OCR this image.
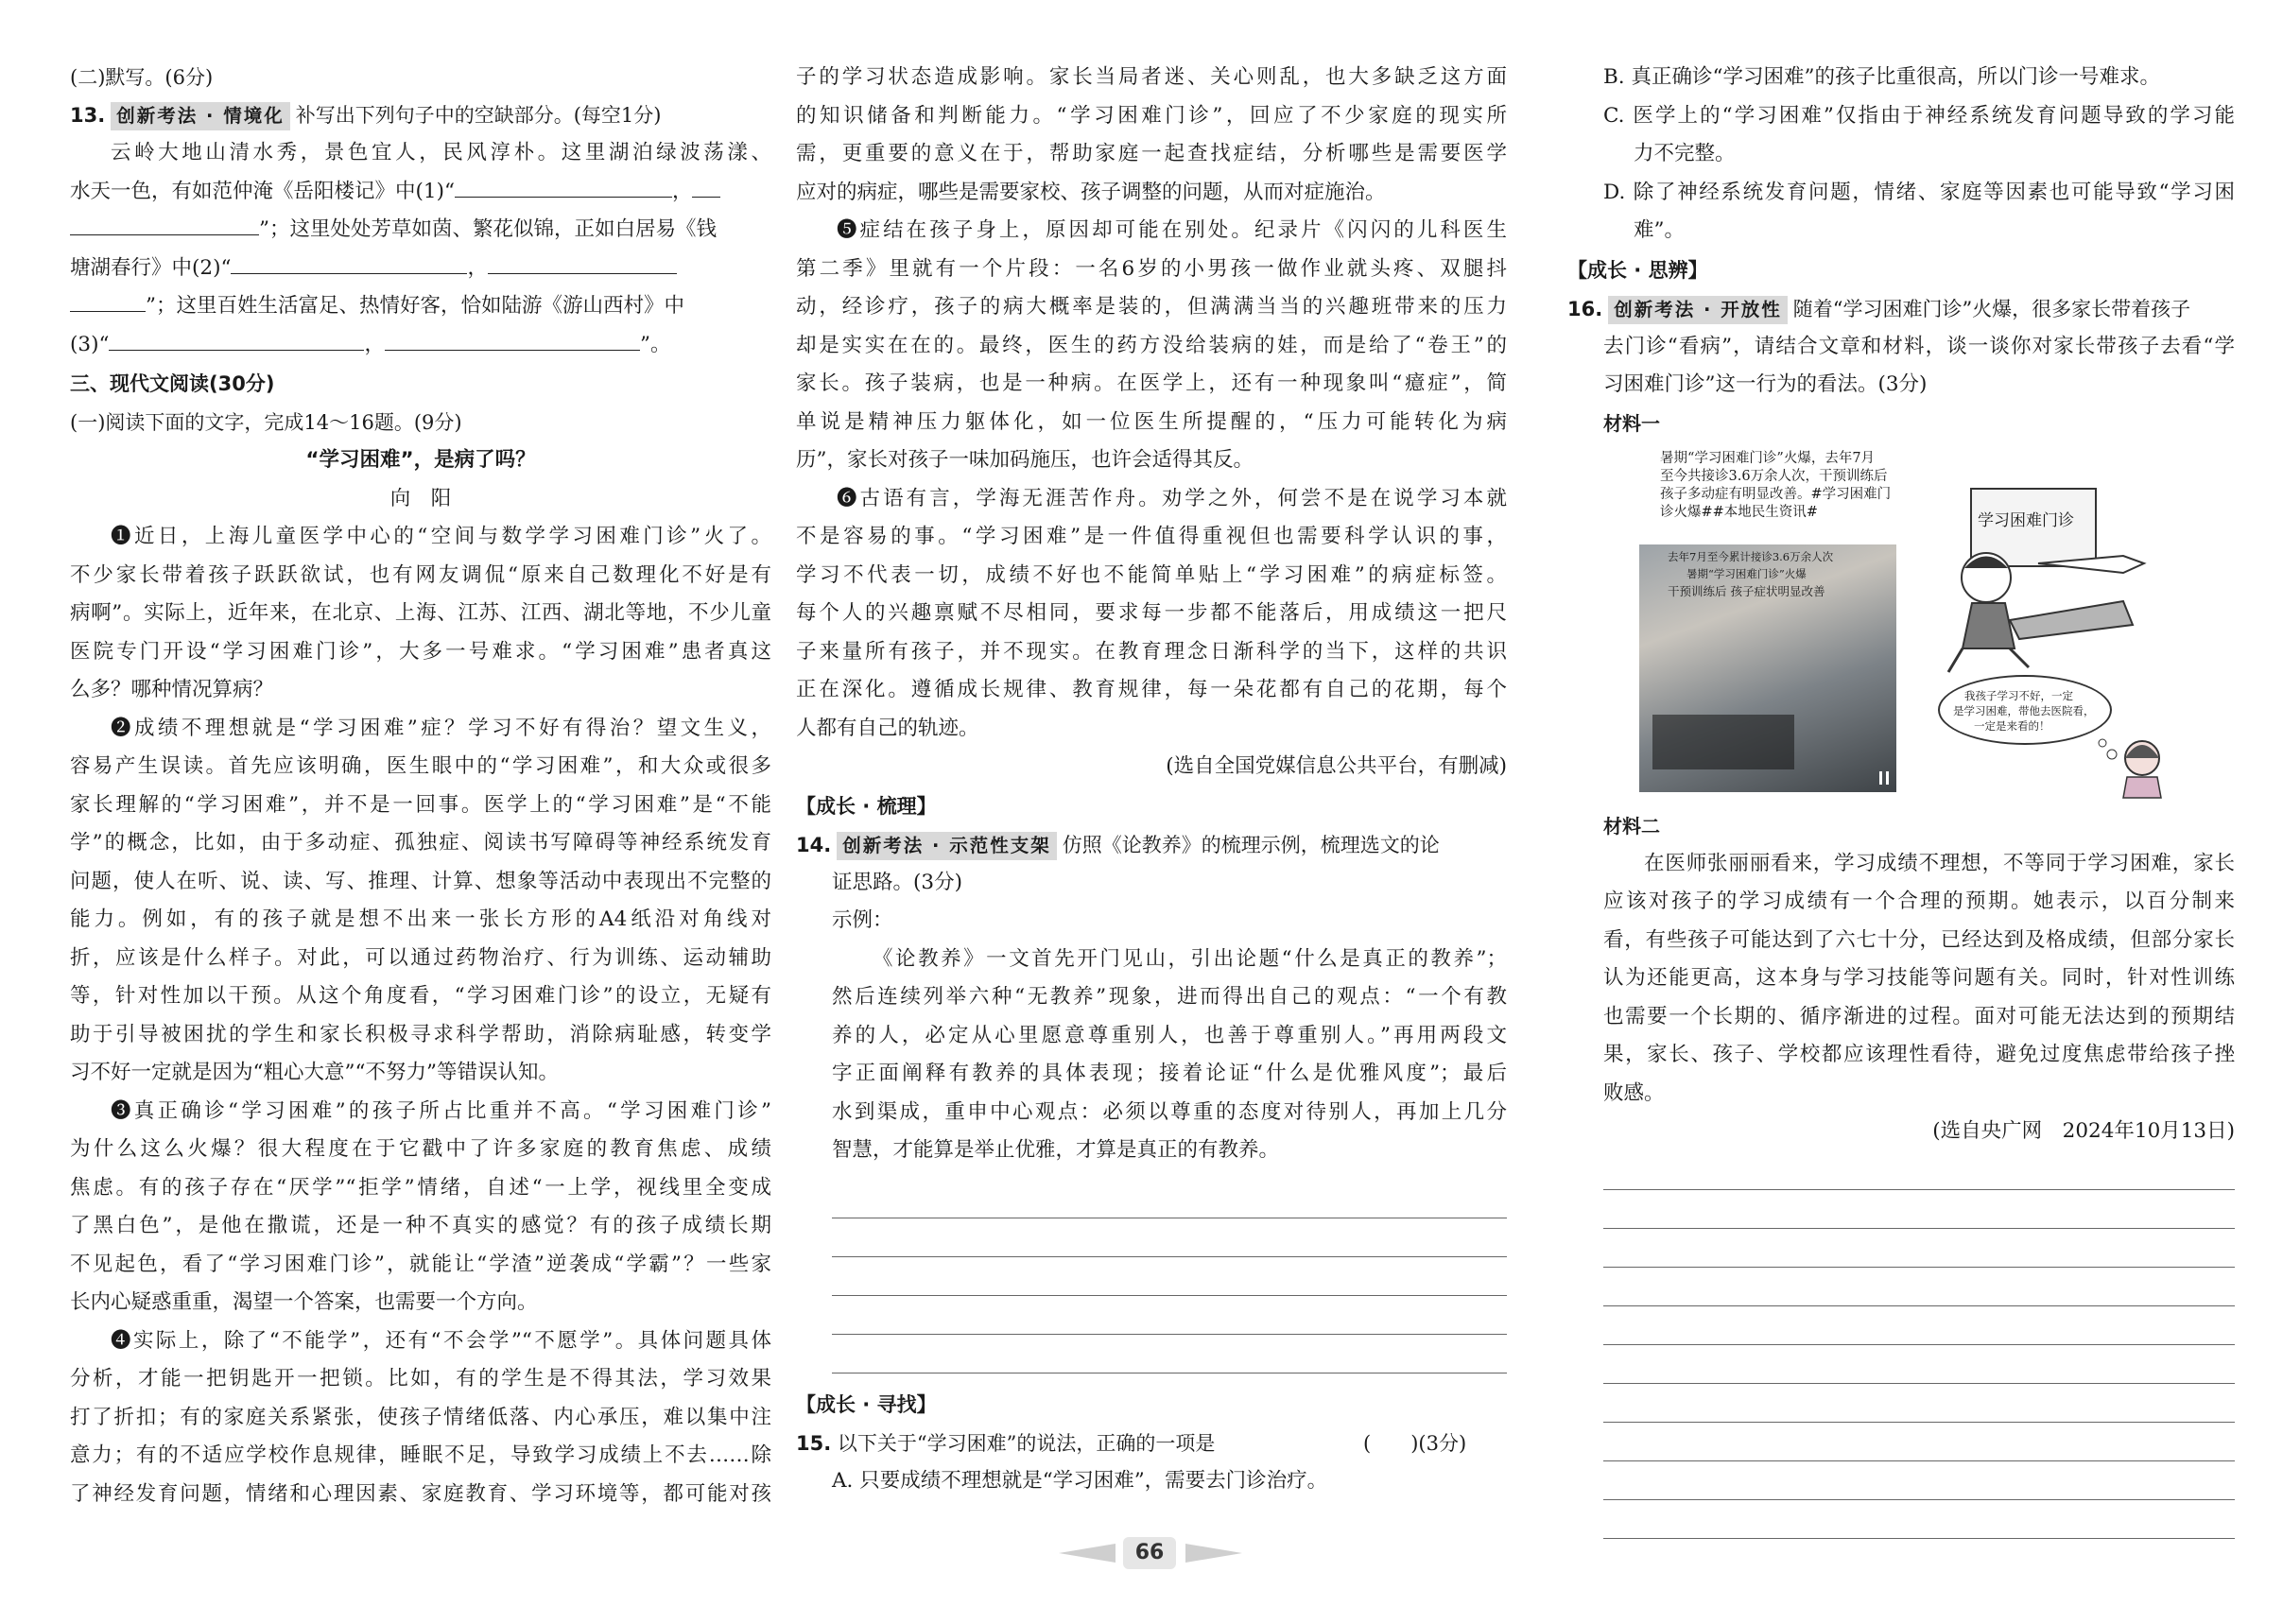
(二)默写。(6分)

13. 创新考法 · 情境化 补写出下列句子中的空缺部分。(每空1分)

云岭大地山清水秀，景色宜人，民风淳朴。这里湖泊绿波荡漾、

水天一色，有如范仲淹《岳阳楼记》中(1)“	，

”；这里处处芳草如茵、繁花似锦，正如白居易《钱

塘湖春行》中(2)“	，

”；这里百姓生活富足、热情好客，恰如陆游《游山西村》中

(3)“	，	”。

三、现代文阅读(30分)

(一)阅读下面的文字，完成14～16题。(9分)

“学习困难”，是病了吗？

向　阳

❶近日，上海儿童医学中心的“空间与数学学习困难门诊”火了。

不少家长带着孩子跃跃欲试，也有网友调侃“原来自己数理化不好是有

病啊”。实际上，近年来，在北京、上海、江苏、江西、湖北等地，不少儿童

医院专门开设“学习困难门诊”，大多一号难求。“学习困难”患者真这

么多？哪种情况算病？

❷成绩不理想就是“学习困难”症？学习不好有得治？望文生义，

容易产生误读。首先应该明确，医生眼中的“学习困难”，和大众或很多

家长理解的“学习困难”，并不是一回事。医学上的“学习困难”是“不能

学”的概念，比如，由于多动症、孤独症、阅读书写障碍等神经系统发育

问题，使人在听、说、读、写、推理、计算、想象等活动中表现出不完整的

能力。例如，有的孩子就是想不出来一张长方形的A4纸沿对角线对

折，应该是什么样子。对此，可以通过药物治疗、行为训练、运动辅助

等，针对性加以干预。从这个角度看，“学习困难门诊”的设立，无疑有

助于引导被困扰的学生和家长积极寻求科学帮助，消除病耻感，转变学

习不好一定就是因为“粗心大意”“不努力”等错误认知。

❸真正确诊“学习困难”的孩子所占比重并不高。“学习困难门诊”

为什么这么火爆？很大程度在于它戳中了许多家庭的教育焦虑、成绩

焦虑。有的孩子存在“厌学”“拒学”情绪，自述“一上学，视线里全变成

了黑白色”，是他在撒谎，还是一种不真实的感觉？有的孩子成绩长期

不见起色，看了“学习困难门诊”，就能让“学渣”逆袭成“学霸”？一些家

长内心疑惑重重，渴望一个答案，也需要一个方向。

❹实际上，除了“不能学”，还有“不会学”“不愿学”。具体问题具体

分析，才能一把钥匙开一把锁。比如，有的学生是不得其法，学习效果

打了折扣；有的家庭关系紧张，使孩子情绪低落、内心承压，难以集中注

意力；有的不适应学校作息规律，睡眠不足，导致学习成绩上不去……除

了神经发育问题，情绪和心理因素、家庭教育、学习环境等，都可能对孩

子的学习状态造成影响。家长当局者迷、关心则乱，也大多缺乏这方面

的知识储备和判断能力。“学习困难门诊”，回应了不少家庭的现实所

需，更重要的意义在于，帮助家庭一起查找症结，分析哪些是需要医学

应对的病症，哪些是需要家校、孩子调整的问题，从而对症施治。

❺症结在孩子身上，原因却可能在别处。纪录片《闪闪的儿科医生

第二季》里就有一个片段：一名6岁的小男孩一做作业就头疼、双腿抖

动，经诊疗，孩子的病大概率是装的，但满满当当的兴趣班带来的压力

却是实实在在的。最终，医生的药方没给装病的娃，而是给了“卷王”的

家长。孩子装病，也是一种病。在医学上，还有一种现象叫“癔症”，简

单说是精神压力躯体化，如一位医生所提醒的，“压力可能转化为病

历”，家长对孩子一味加码施压，也许会适得其反。

❻古语有言，学海无涯苦作舟。劝学之外，何尝不是在说学习本就

不是容易的事。“学习困难”是一件值得重视但也需要科学认识的事，

学习不代表一切，成绩不好也不能简单贴上“学习困难”的病症标签。

每个人的兴趣禀赋不尽相同，要求每一步都不能落后，用成绩这一把尺

子来量所有孩子，并不现实。在教育理念日渐科学的当下，这样的共识

正在深化。遵循成长规律、教育规律，每一朵花都有自己的花期，每个

人都有自己的轨迹。

(选自全国党媒信息公共平台，有删减)

【成长 · 梳理】

14. 创新考法 · 示范性支架 仿照《论教养》的梳理示例，梳理选文的论

证思路。(3分)

示例：

《论教养》一文首先开门见山，引出论题“什么是真正的教养”；

然后连续列举六种“无教养”现象，进而得出自己的观点：“一个有教

养的人，必定从心里愿意尊重别人，也善于尊重别人。”再用两段文

字正面阐释有教养的具体表现；接着论证“什么是优雅风度”；最后

水到渠成，重申中心观点：必须以尊重的态度对待别人，再加上几分

智慧，才能算是举止优雅，才算是真正的有教养。

【成长 · 寻找】

15. 以下关于“学习困难”的说法，正确的一项是	(　　)(3分)

A. 只要成绩不理想就是“学习困难”，需要去门诊治疗。

B. 真正确诊“学习困难”的孩子比重很高，所以门诊一号难求。

C. 医学上的“学习困难”仅指由于神经系统发育问题导致的学习能

力不完整。

D. 除了神经系统发育问题，情绪、家庭等因素也可能导致“学习困

难”。

【成长 · 思辨】

16. 创新考法 · 开放性 随着“学习困难门诊”火爆，很多家长带着孩子

去门诊“看病”，请结合文章和材料，谈一谈你对家长带孩子去看“学

习困难门诊”这一行为的看法。(3分)

材料一

暑期“学习困难门诊”火爆，去年7月
至今共接诊3.6万余人次，干预训练后
孩子多动症有明显改善。#学习困难门
诊火爆##本地民生资讯#
去年7月至今累计接诊3.6万余人次
暑期“学习困难门诊”火爆
干预训练后 孩子症状明显改善
学习困难门诊
我孩子学习不好，一定
是学习困难，带他去医院看，
一定是来看的！

材料二

在医师张丽丽看来，学习成绩不理想，不等同于学习困难，家长

应该对孩子的学习成绩有一个合理的预期。她表示，以百分制来

看，有些孩子可能达到了六七十分，已经达到及格成绩，但部分家长

认为还能更高，这本身与学习技能等问题有关。同时，针对性训练

也需要一个长期的、循序渐进的过程。面对可能无法达到的预期结

果，家长、孩子、学校都应该理性看待，避免过度焦虑带给孩子挫

败感。

(选自央广网　2024年10月13日)

66
